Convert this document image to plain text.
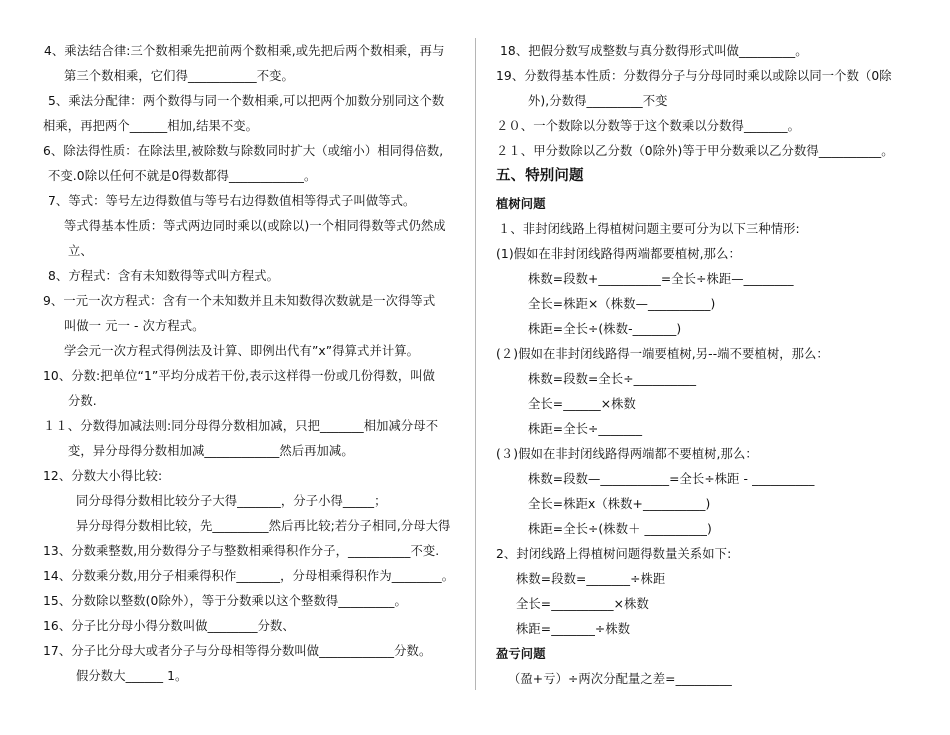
4、乘法结合律:三个数相乘先把前两个数相乘,或先把后两个数相乘，再与
第三个数相乘，它们得___________不变。
5、乘法分配律：两个数得与同一个数相乘,可以把两个加数分别同这个数
相乘，再把两个______相加,结果不变。
6、除法得性质：在除法里,被除数与除数同时扩大（或缩小）相同得倍数,
不变.0除以任何不就是0得数都得____________。
7、等式：等号左边得数值与等号右边得数值相等得式子叫做等式。
等式得基本性质：等式两边同时乘以(或除以)一个相同得数等式仍然成
立、
8、方程式：含有未知数得等式叫方程式。
9、一元一次方程式：含有一个未知数并且未知数得次数就是一次得等式
叫做一 元一 - 次方程式。
学会元一次方程式得例法及计算、即例出代有”x”得算式并计算。
10、分数:把单位“1”平均分成若干份,表示这样得一份或几份得数，叫做
分数.
１１、分数得加减法则:同分母得分数相加减，只把_______相加减分母不
变，异分母得分数相加减____________然后再加减。
12、分数大小得比较:
同分母得分数相比较分子大得_______，分子小得_____；
异分母得分数相比较，先_________然后再比较;若分子相同,分母大得
13、分数乘整数,用分数得分子与整数相乘得积作分子，__________不变.
14、分数乘分数,用分子相乘得积作_______，分母相乘得积作为________。
15、分数除以整数(0除外），等于分数乘以这个整数得_________。
16、分子比分母小得分数叫做________分数、
17、分子比分母大或者分子与分母相等得分数叫做____________分数。
假分数大______ 1。
18、把假分数写成整数与真分数得形式叫做_________。
19、分数得基本性质：分数得分子与分母同时乘以或除以同一个数（0除
外),分数得_________不变
２０、一个数除以分数等于这个数乘以分数得_______。
２１、甲分数除以乙分数（0除外)等于甲分数乘以乙分数得__________。
五、特别问题
植树问题
１、非封闭线路上得植树问题主要可分为以下三种情形:
(1)假如在非封闭线路得两端都要植树,那么：
株数=段数+__________=全长÷株距—________
全长=株距×（株数—__________)
株距=全长÷(株数-_______)
(２)假如在非封闭线路得一端要植树,另--端不要植树，那么：
株数=段数=全长÷__________
全长=______×株数
株距=全长÷_______
(３)假如在非封闭线路得两端都不要植树,那么：
株数=段数—___________=全长÷株距 - __________
全长=株距x（株数+__________)
株距=全长÷(株数＋ __________)
2、封闭线路上得植树问题得数量关系如下:
株数=段数=_______÷株距
全长=__________×株数
株距=_______÷株数
盈亏问题
（盈+亏）÷两次分配量之差=_________
